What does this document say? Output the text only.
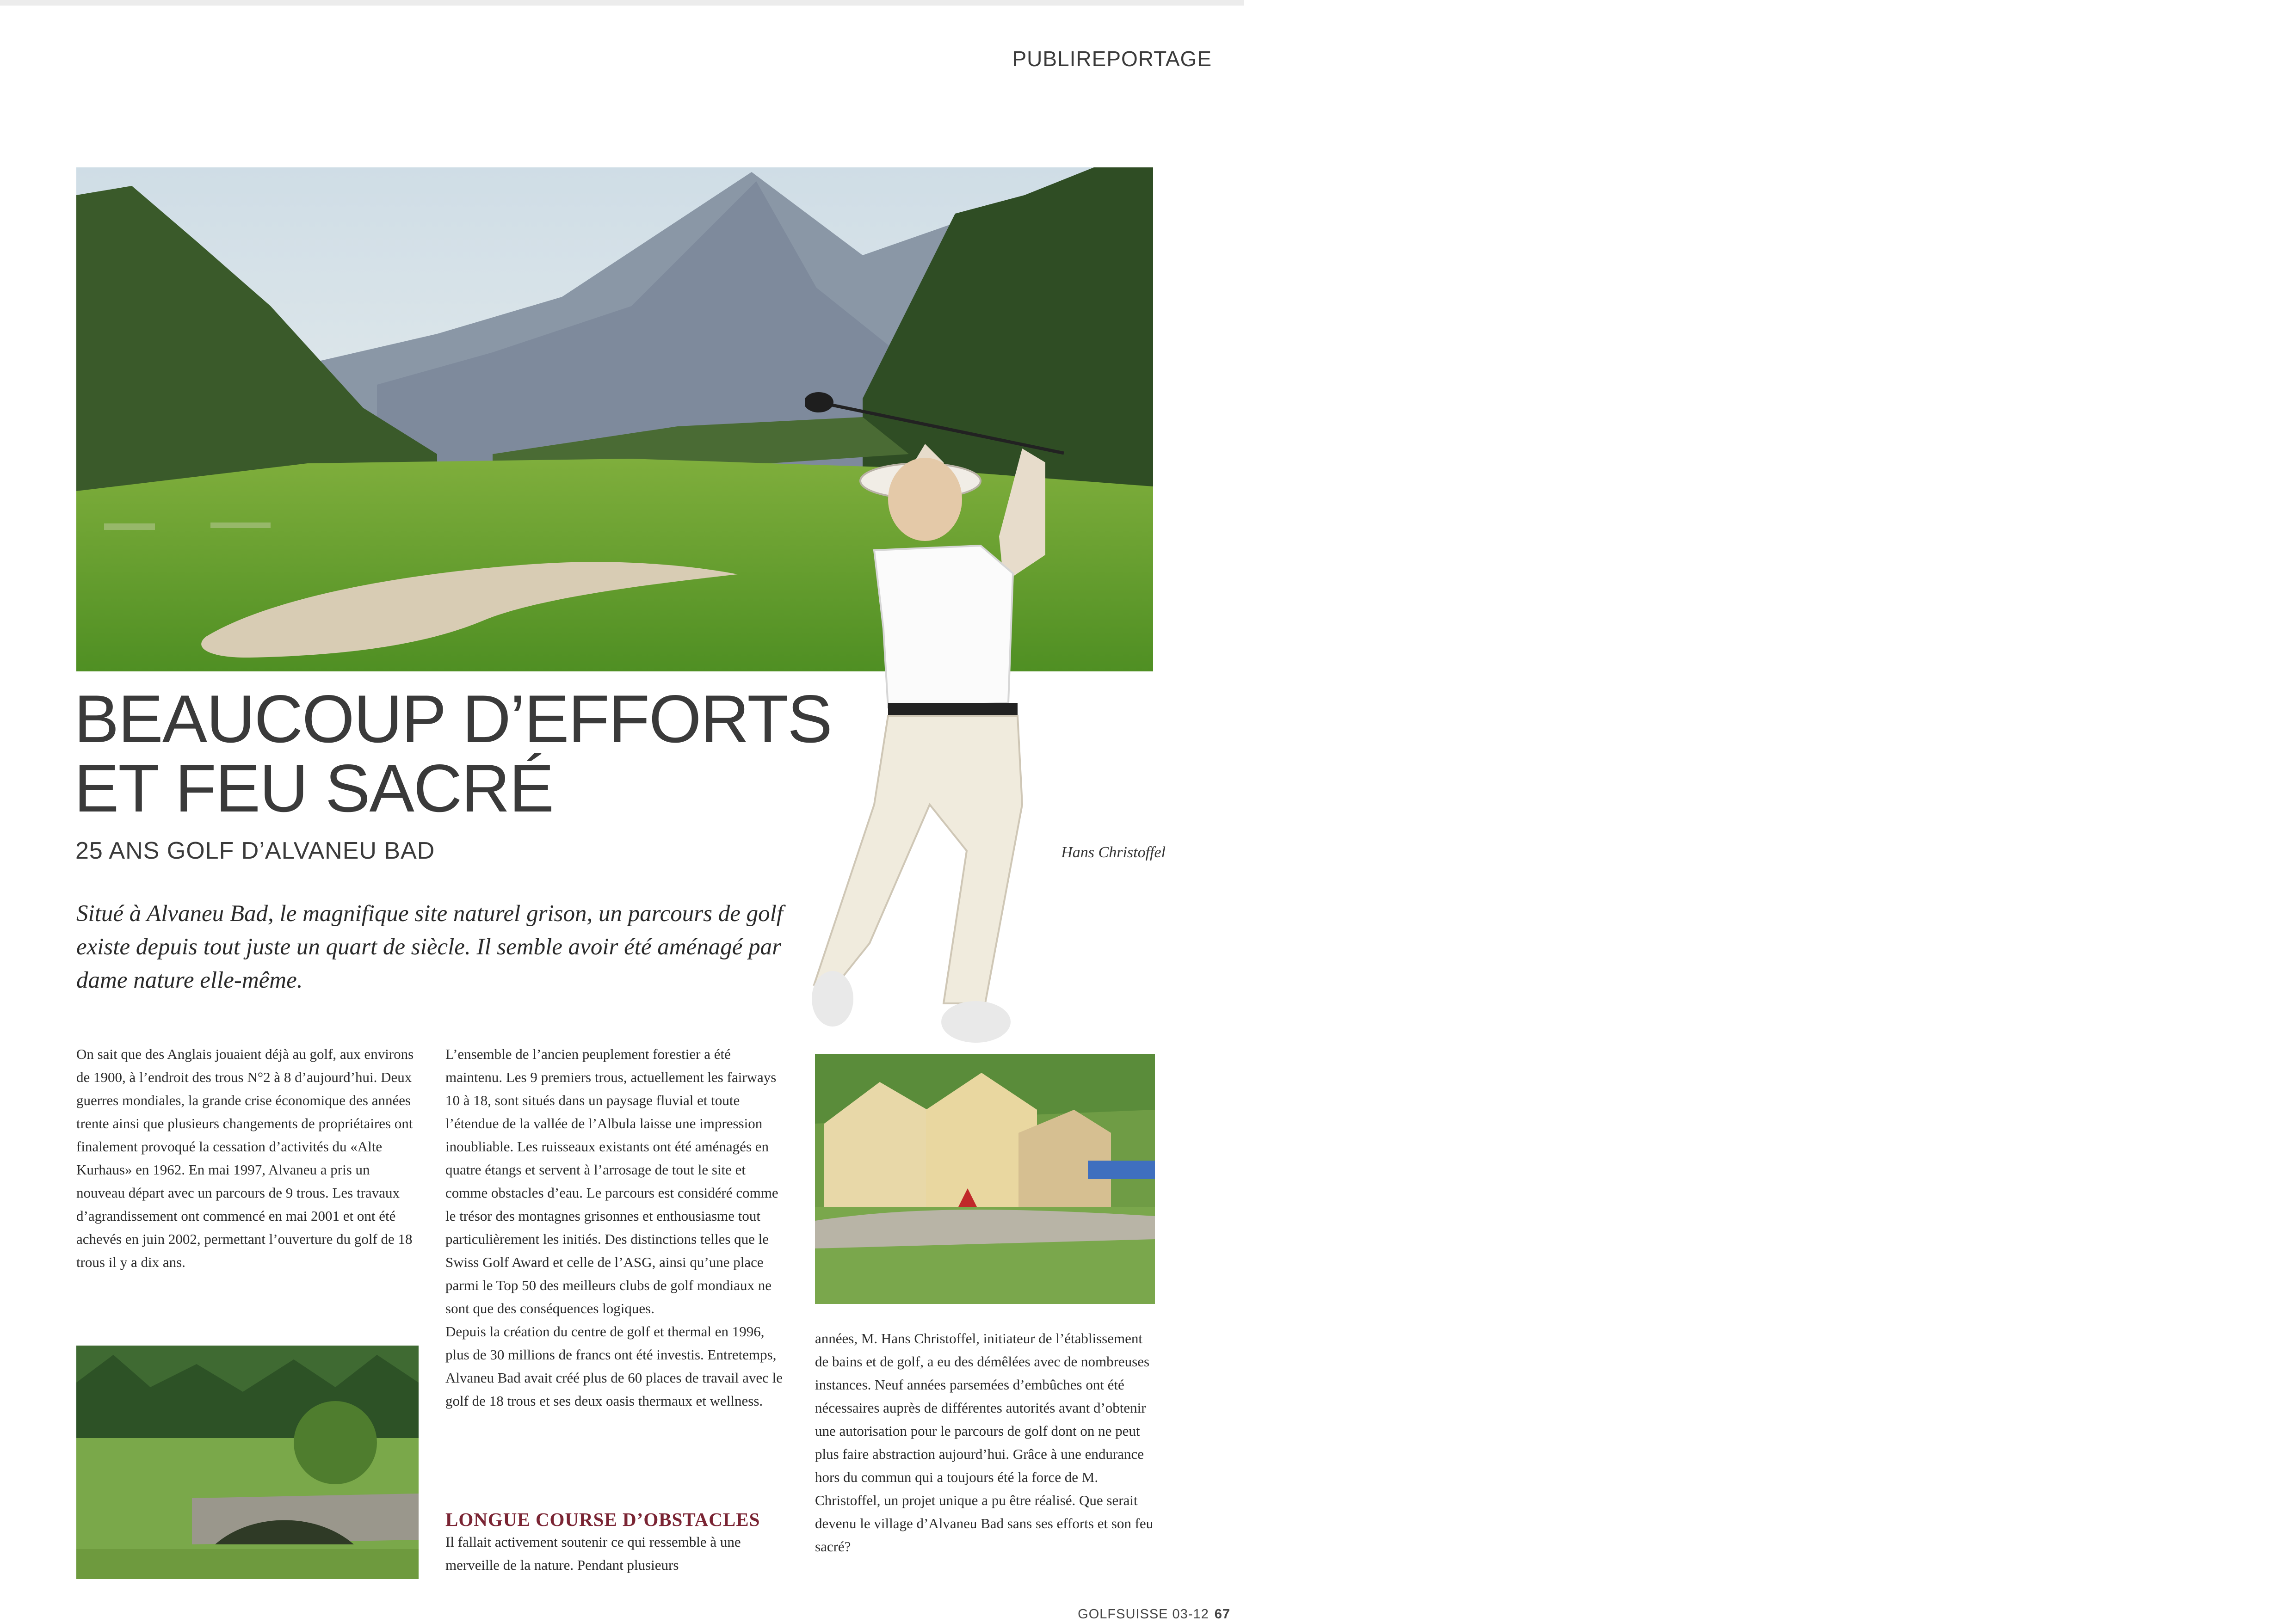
PUBLIREPORTAGE
BEAUCOUP D’EFFORTS
ET FEU SACRÉ
25 ANS GOLF D’ALVANEU BAD	Hans Christoffel

Situé à Alvaneu Bad, le magnifique site naturel grison, un parcours de golf existe depuis tout juste un quart de siècle. Il semble avoir été aménagé par dame nature elle-même.

On sait que des Anglais jouaient déjà au golf, aux environs de 1900, à l’endroit des trous N°2 à 8 d’aujourd’hui. Deux guerres mondiales, la grande crise économique des années trente ainsi que plusieurs changements de propriétaires ont finalement provoqué la cessation d’activités du «Alte Kurhaus» en 1962. En mai 1997, Alvaneu a pris un nouveau départ avec un parcours de 9 trous. Les travaux d’agrandissement ont commencé en mai 2001 et ont été achevés en juin 2002, permettant l’ouverture du golf de 18 trous il y a dix ans.

L’ensemble de l’ancien peuplement forestier a été maintenu. Les 9 premiers trous, actuellement les fairways 10 à 18, sont situés dans un paysage fluvial et toute l’étendue de la vallée de l’Albula laisse une impression inoubliable. Les ruisseaux existants ont été aménagés en quatre étangs et servent à l’arrosage de tout le site et comme obstacles d’eau. Le parcours est considéré comme le trésor des montagnes grisonnes et enthousiasme tout particulièrement les initiés. Des distinctions telles que le Swiss Golf Award et celle de l’ASG, ainsi qu’une place parmi le Top 50 des meilleurs clubs de golf mondiaux ne sont que des conséquences logiques.

Depuis la création du centre de golf et thermal en 1996, plus de 30 millions de francs ont été investis. Entretemps, Alvaneu Bad avait créé plus de 60 places de travail avec le golf de 18 trous et ses deux oasis thermaux et wellness.

LONGUE COURSE D’OBSTACLES

Il fallait activement soutenir ce qui ressemble à une merveille de la nature. Pendant plusieurs

années, M. Hans Christoffel, initiateur de l’établissement de bains et de golf, a eu des démêlées avec de nombreuses instances. Neuf années parsemées d’embûches ont été nécessaires auprès de différentes autorités avant d’obtenir une autorisation pour le parcours de golf dont on ne peut plus faire abstraction aujourd’hui. Grâce à une endurance hors du commun qui a toujours été la force de M. Christoffel, un projet unique a pu être réalisé. Que serait devenu le village d’Alvaneu Bad sans ses efforts et son feu sacré?

GOLFSUISSE 03-12 67
